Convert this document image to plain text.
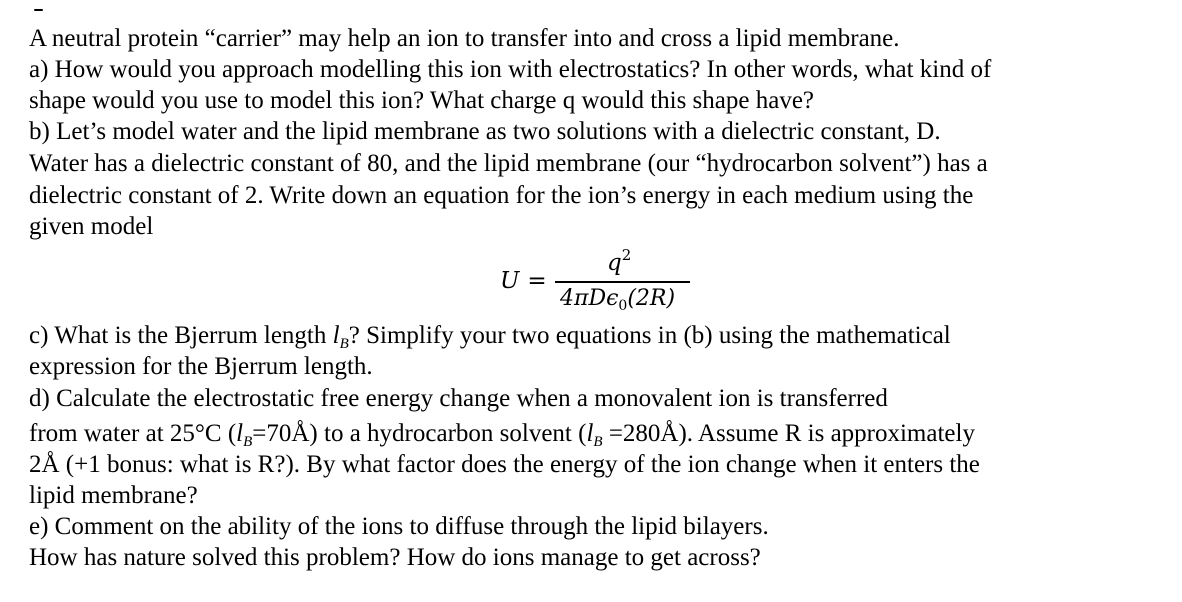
A neutral protein “carrier” may help an ion to transfer into and cross a lipid membrane.
a) How would you approach modelling this ion with electrostatics? In other words, what kind of
shape would you use to model this ion? What charge q would this shape have?
b) Let’s model water and the lipid membrane as two solutions with a dielectric constant, D.
Water has a dielectric constant of 80, and the lipid membrane (our “hydrocarbon solvent”) has a
dielectric constant of 2. Write down an equation for the ion’s energy in each medium using the
given model
U =
$q^2$
4πDϵ$_0$(2R)
c) What is the Bjerrum length $l_B$? Simplify your two equations in (b) using the mathematical
expression for the Bjerrum length.
d) Calculate the electrostatic free energy change when a monovalent ion is transferred
from water at 25°C $(l_B=70Å)$ to a hydrocarbon solvent ($l_B$ =280Å). Assume R is approximately
2Å (+1 bonus: what is R?). By what factor does the energy of the ion change when it enters the
lipid membrane?
e) Comment on the ability of the ions to diffuse through the lipid bilayers.
How has nature solved this problem? How do ions manage to get across?
